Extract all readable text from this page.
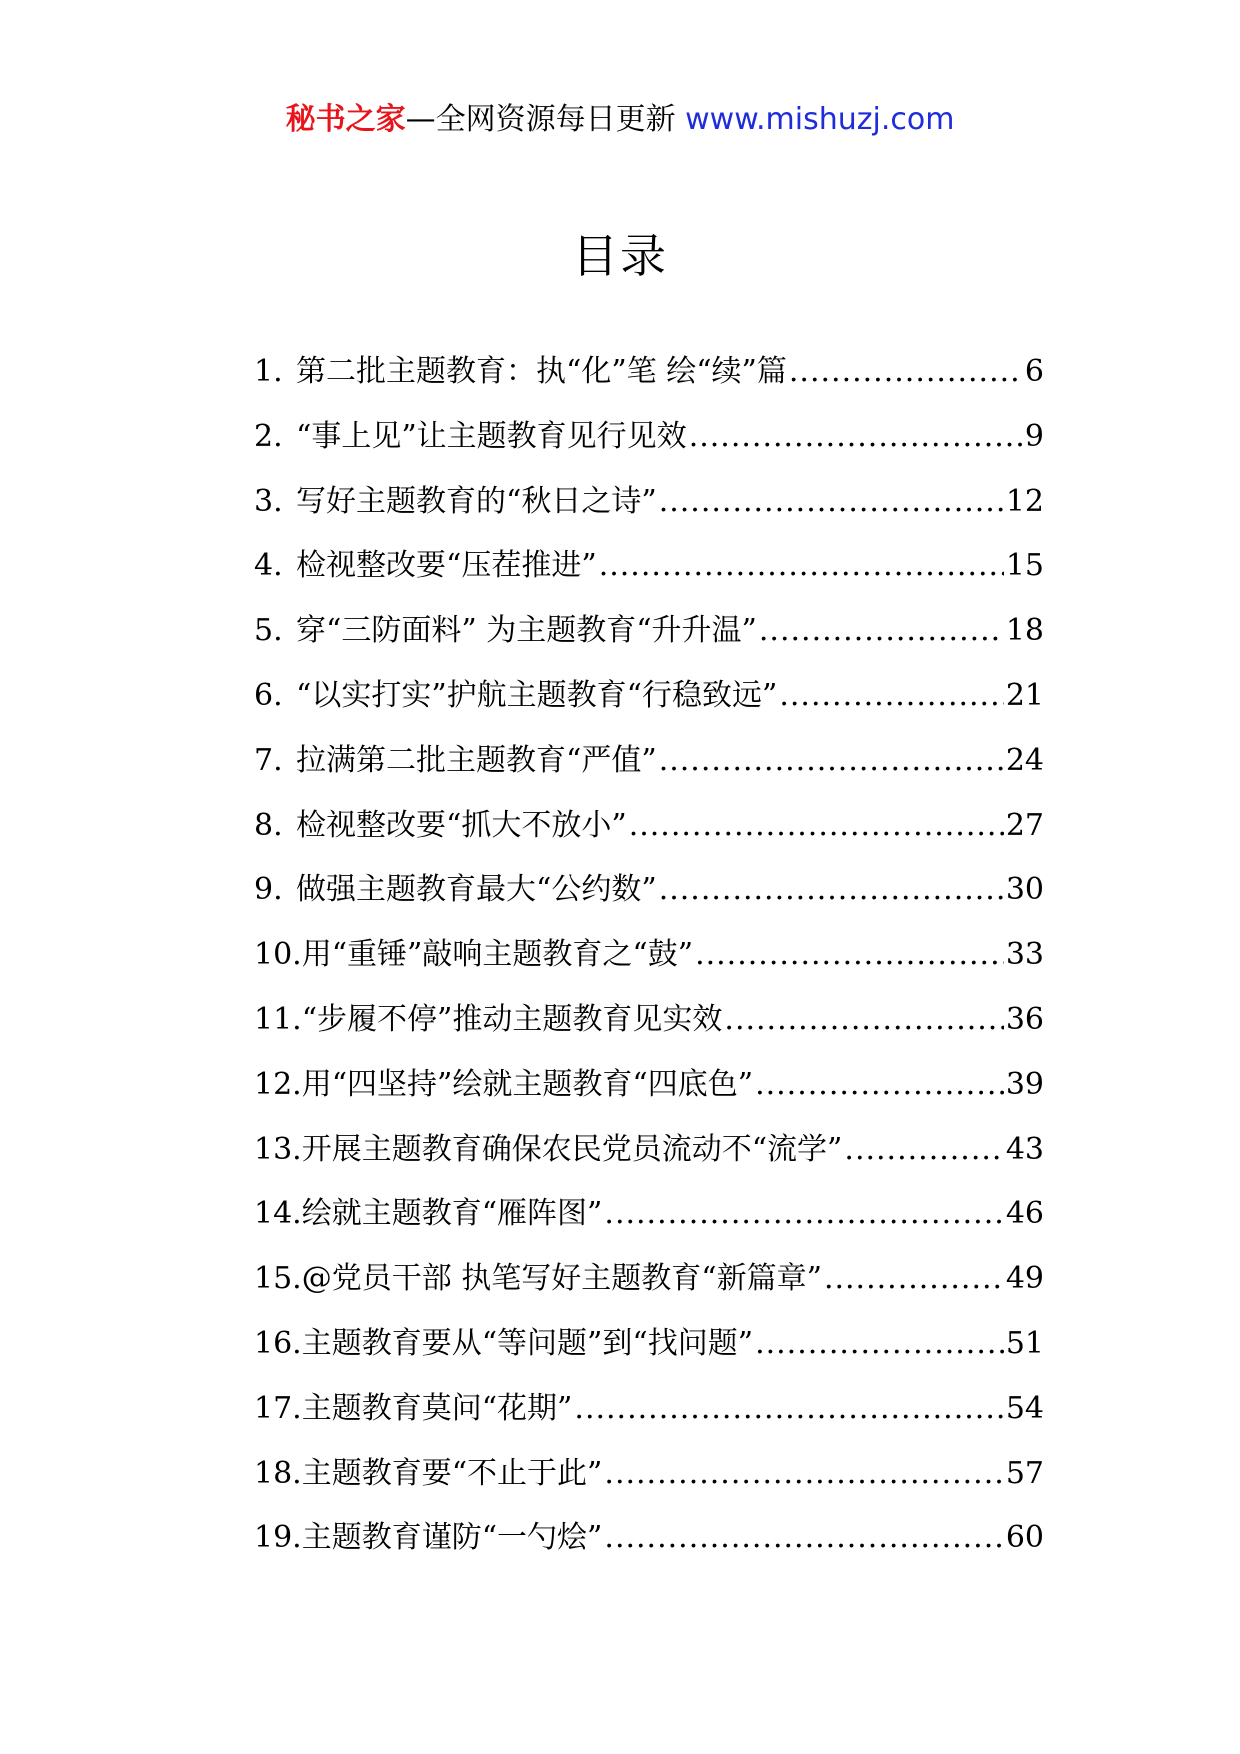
秘书之家—全网资源每日更新 www.mishuzj.com
目录
1. 第二批主题教育：执“化”笔 绘“续”篇 .....	6
2. “事上见”让主题教育见行见效 .....	9
3. 写好主题教育的“秋日之诗” .....	12
4. 检视整改要“压茬推进” .....	15
5. 穿“三防面料” 为主题教育“升升温” .....	18
6. “以实打实”护航主题教育“行稳致远” .....	21
7. 拉满第二批主题教育“严值” .....	24
8. 检视整改要“抓大不放小” .....	27
9. 做强主题教育最大“公约数” .....	30
10. 用“重锤”敲响主题教育之“鼓” .....	33
11. “步履不停”推动主题教育见实效 .....	36
12. 用“四坚持”绘就主题教育“四底色” .....	39
13. 开展主题教育确保农民党员流动不“流学” .....	43
14. 绘就主题教育“雁阵图” .....	46
15. @党员干部 执笔写好主题教育“新篇章” .....	49
16. 主题教育要从“等问题”到“找问题” .....	51
17. 主题教育莫问“花期” .....	54
18. 主题教育要“不止于此” .....	57
19. 主题教育谨防“一勺烩” .....	60
